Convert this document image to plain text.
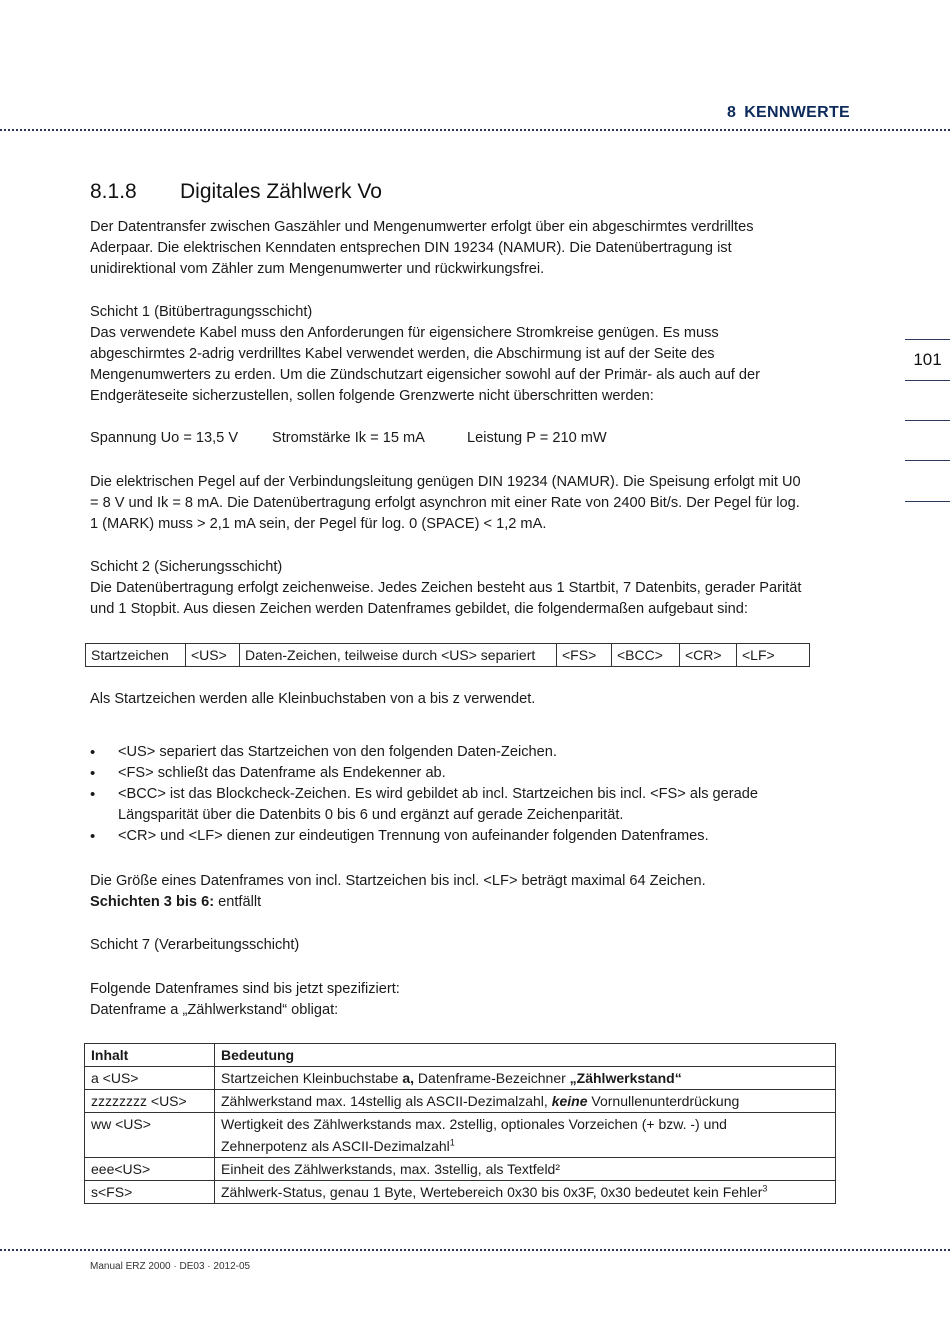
8 KENNWERTE
101
8.1.8 Digitales Zählwerk Vo

Der Datentransfer zwischen Gaszähler und Mengenumwerter erfolgt über ein abgeschirmtes verdrilltes

Aderpaar. Die elektrischen Kenndaten entsprechen DIN 19234 (NAMUR). Die Datenübertragung ist

unidirektional vom Zähler zum Mengenumwerter und rückwirkungsfrei.

Schicht 1 (Bitübertragungsschicht)

Das verwendete Kabel muss den Anforderungen für eigensichere Stromkreise genügen. Es muss

abgeschirmtes 2-adrig verdrilltes Kabel verwendet werden, die Abschirmung ist auf der Seite des

Mengenumwerters zu erden. Um die Zündschutzart eigensicher sowohl auf der Primär- als auch auf der

Endgeräteseite sicherzustellen, sollen folgende Grenzwerte nicht überschritten werden:

Spannung Uo = 13,5 V Stromstärke Ik = 15 mA	Leistung P = 210 mW

Die elektrischen Pegel auf der Verbindungsleitung genügen DIN 19234 (NAMUR). Die Speisung erfolgt mit U0

= 8 V und Ik = 8 mA. Die Datenübertragung erfolgt asynchron mit einer Rate von 2400 Bit/s. Der Pegel für log.

1 (MARK) muss > 2,1 mA sein, der Pegel für log. 0 (SPACE) < 1,2 mA.

Schicht 2 (Sicherungsschicht)

Die Datenübertragung erfolgt zeichenweise. Jedes Zeichen besteht aus 1 Startbit, 7 Datenbits, gerader Parität

und 1 Stopbit. Aus diesen Zeichen werden Datenframes gebildet, die folgendermaßen aufgebaut sind:

Startzeichen	<US>	Daten-Zeichen, teilweise durch <US> separiert	<FS>	<BCC>	<CR>	<LF>

Als Startzeichen werden alle Kleinbuchstaben von a bis z verwendet.

• <US> separiert das Startzeichen von den folgenden Daten-Zeichen.
• <FS> schließt das Datenframe als Endekenner ab.
• <BCC> ist das Blockcheck-Zeichen. Es wird gebildet ab incl. Startzeichen bis incl. <FS> als gerade Längsparität über die Datenbits 0 bis 6 und ergänzt auf gerade Zeichenparität.
• <CR> und <LF> dienen zur eindeutigen Trennung von aufeinander folgenden Datenframes.

Die Größe eines Datenframes von incl. Startzeichen bis incl. <LF> beträgt maximal 64 Zeichen.

Schichten 3 bis 6: entfällt

Schicht 7 (Verarbeitungsschicht)

Folgende Datenframes sind bis jetzt spezifiziert:

Datenframe a „Zählwerkstand“ obligat:

Inhalt	Bedeutung
a <US>	Startzeichen Kleinbuchstabe a, Datenframe-Bezeichner „Zählwerkstand“
zzzzzzzz <US>	Zählwerkstand max. 14stellig als ASCII-Dezimalzahl, keine Vornullenunterdrückung
ww <US>	Wertigkeit des Zählwerkstands max. 2stellig, optionales Vorzeichen (+ bzw. -) und
Zehnerpotenz als ASCII-Dezimalzahl$^1$

eee<US>	Einheit des Zählwerkstands, max. 3stellig, als Textfeld²
s<FS>	Zählwerk-Status, genau 1 Byte, Wertebereich 0x30 bis 0x3F, 0x30 bedeutet kein Fehler$^3$
Manual ERZ 2000 · DE03 · 2012-05
